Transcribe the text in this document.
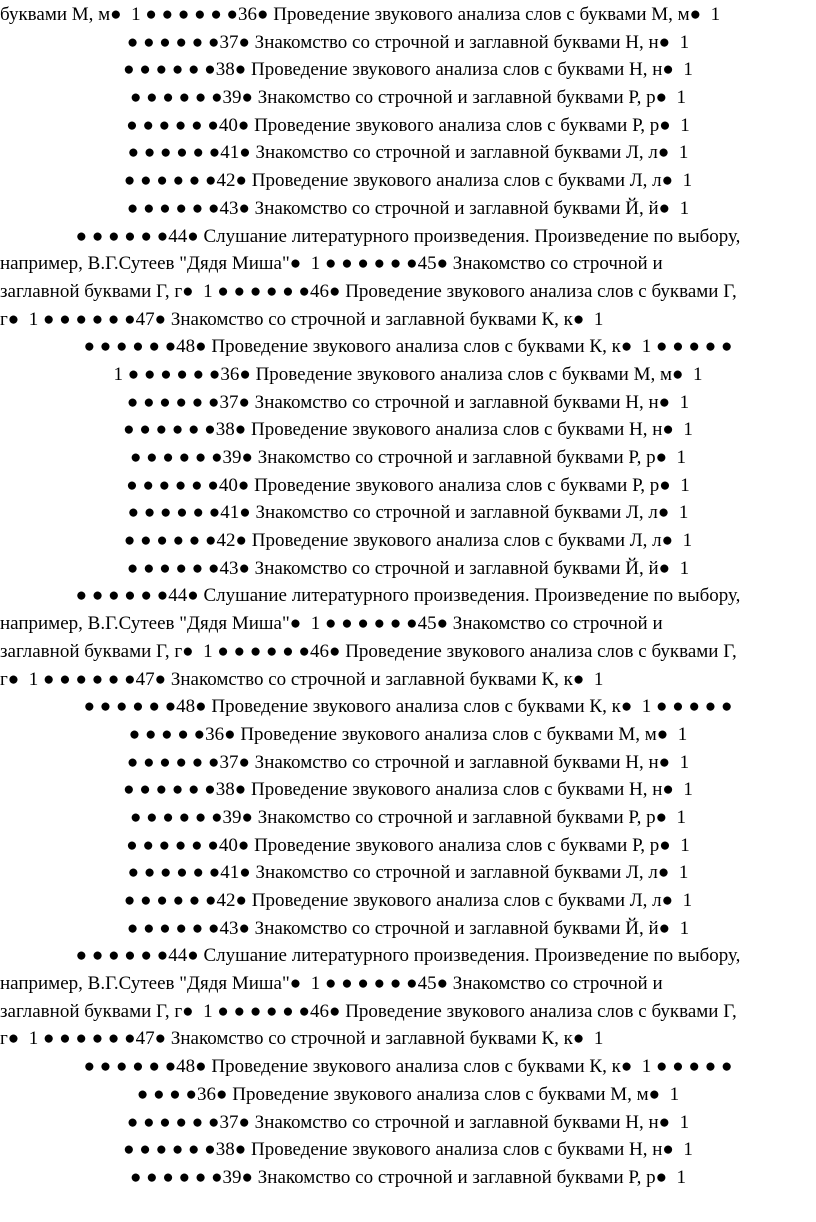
буквами М, м●  1 ● ● ● ● ● ●36● Проведение звукового анализа слов с буквами М, м●  1
● ● ● ● ● ●37● Знакомство со строчной и заглавной буквами Н, н●  1
● ● ● ● ● ●38● Проведение звукового анализа слов с буквами Н, н●  1
● ● ● ● ● ●39● Знакомство со строчной и заглавной буквами Р, р●  1
● ● ● ● ● ●40● Проведение звукового анализа слов с буквами Р, р●  1
● ● ● ● ● ●41● Знакомство со строчной и заглавной буквами Л, л●  1
● ● ● ● ● ●42● Проведение звукового анализа слов с буквами Л, л●  1
● ● ● ● ● ●43● Знакомство со строчной и заглавной буквами Й, й●  1
● ● ● ● ● ●44● Слушание литературного произведения. Произведение по выбору,
например, В.Г.Сутеев "Дядя Миша"●  1 ● ● ● ● ● ●45● Знакомство со строчной и
заглавной буквами Г, г●  1 ● ● ● ● ● ●46● Проведение звукового анализа слов с буквами Г,
г●  1 ● ● ● ● ● ●47● Знакомство со строчной и заглавной буквами К, к●  1
● ● ● ● ● ●48● Проведение звукового анализа слов с буквами К, к●  1 ● ● ● ● ●
1 ● ● ● ● ● ●36● Проведение звукового анализа слов с буквами М, м●  1
● ● ● ● ● ●37● Знакомство со строчной и заглавной буквами Н, н●  1
● ● ● ● ● ●38● Проведение звукового анализа слов с буквами Н, н●  1
● ● ● ● ● ●39● Знакомство со строчной и заглавной буквами Р, р●  1
● ● ● ● ● ●40● Проведение звукового анализа слов с буквами Р, р●  1
● ● ● ● ● ●41● Знакомство со строчной и заглавной буквами Л, л●  1
● ● ● ● ● ●42● Проведение звукового анализа слов с буквами Л, л●  1
● ● ● ● ● ●43● Знакомство со строчной и заглавной буквами Й, й●  1
● ● ● ● ● ●44● Слушание литературного произведения. Произведение по выбору,
например, В.Г.Сутеев "Дядя Миша"●  1 ● ● ● ● ● ●45● Знакомство со строчной и
заглавной буквами Г, г●  1 ● ● ● ● ● ●46● Проведение звукового анализа слов с буквами Г,
г●  1 ● ● ● ● ● ●47● Знакомство со строчной и заглавной буквами К, к●  1
● ● ● ● ● ●48● Проведение звукового анализа слов с буквами К, к●  1 ● ● ● ● ●
● ● ● ● ●36● Проведение звукового анализа слов с буквами М, м●  1
● ● ● ● ● ●37● Знакомство со строчной и заглавной буквами Н, н●  1
● ● ● ● ● ●38● Проведение звукового анализа слов с буквами Н, н●  1
● ● ● ● ● ●39● Знакомство со строчной и заглавной буквами Р, р●  1
● ● ● ● ● ●40● Проведение звукового анализа слов с буквами Р, р●  1
● ● ● ● ● ●41● Знакомство со строчной и заглавной буквами Л, л●  1
● ● ● ● ● ●42● Проведение звукового анализа слов с буквами Л, л●  1
● ● ● ● ● ●43● Знакомство со строчной и заглавной буквами Й, й●  1
● ● ● ● ● ●44● Слушание литературного произведения. Произведение по выбору,
например, В.Г.Сутеев "Дядя Миша"●  1 ● ● ● ● ● ●45● Знакомство со строчной и
заглавной буквами Г, г●  1 ● ● ● ● ● ●46● Проведение звукового анализа слов с буквами Г,
г●  1 ● ● ● ● ● ●47● Знакомство со строчной и заглавной буквами К, к●  1
● ● ● ● ● ●48● Проведение звукового анализа слов с буквами К, к●  1 ● ● ● ● ●
● ● ● ●36● Проведение звукового анализа слов с буквами М, м●  1
● ● ● ● ● ●37● Знакомство со строчной и заглавной буквами Н, н●  1
● ● ● ● ● ●38● Проведение звукового анализа слов с буквами Н, н●  1
● ● ● ● ● ●39● Знакомство со строчной и заглавной буквами Р, р●  1
